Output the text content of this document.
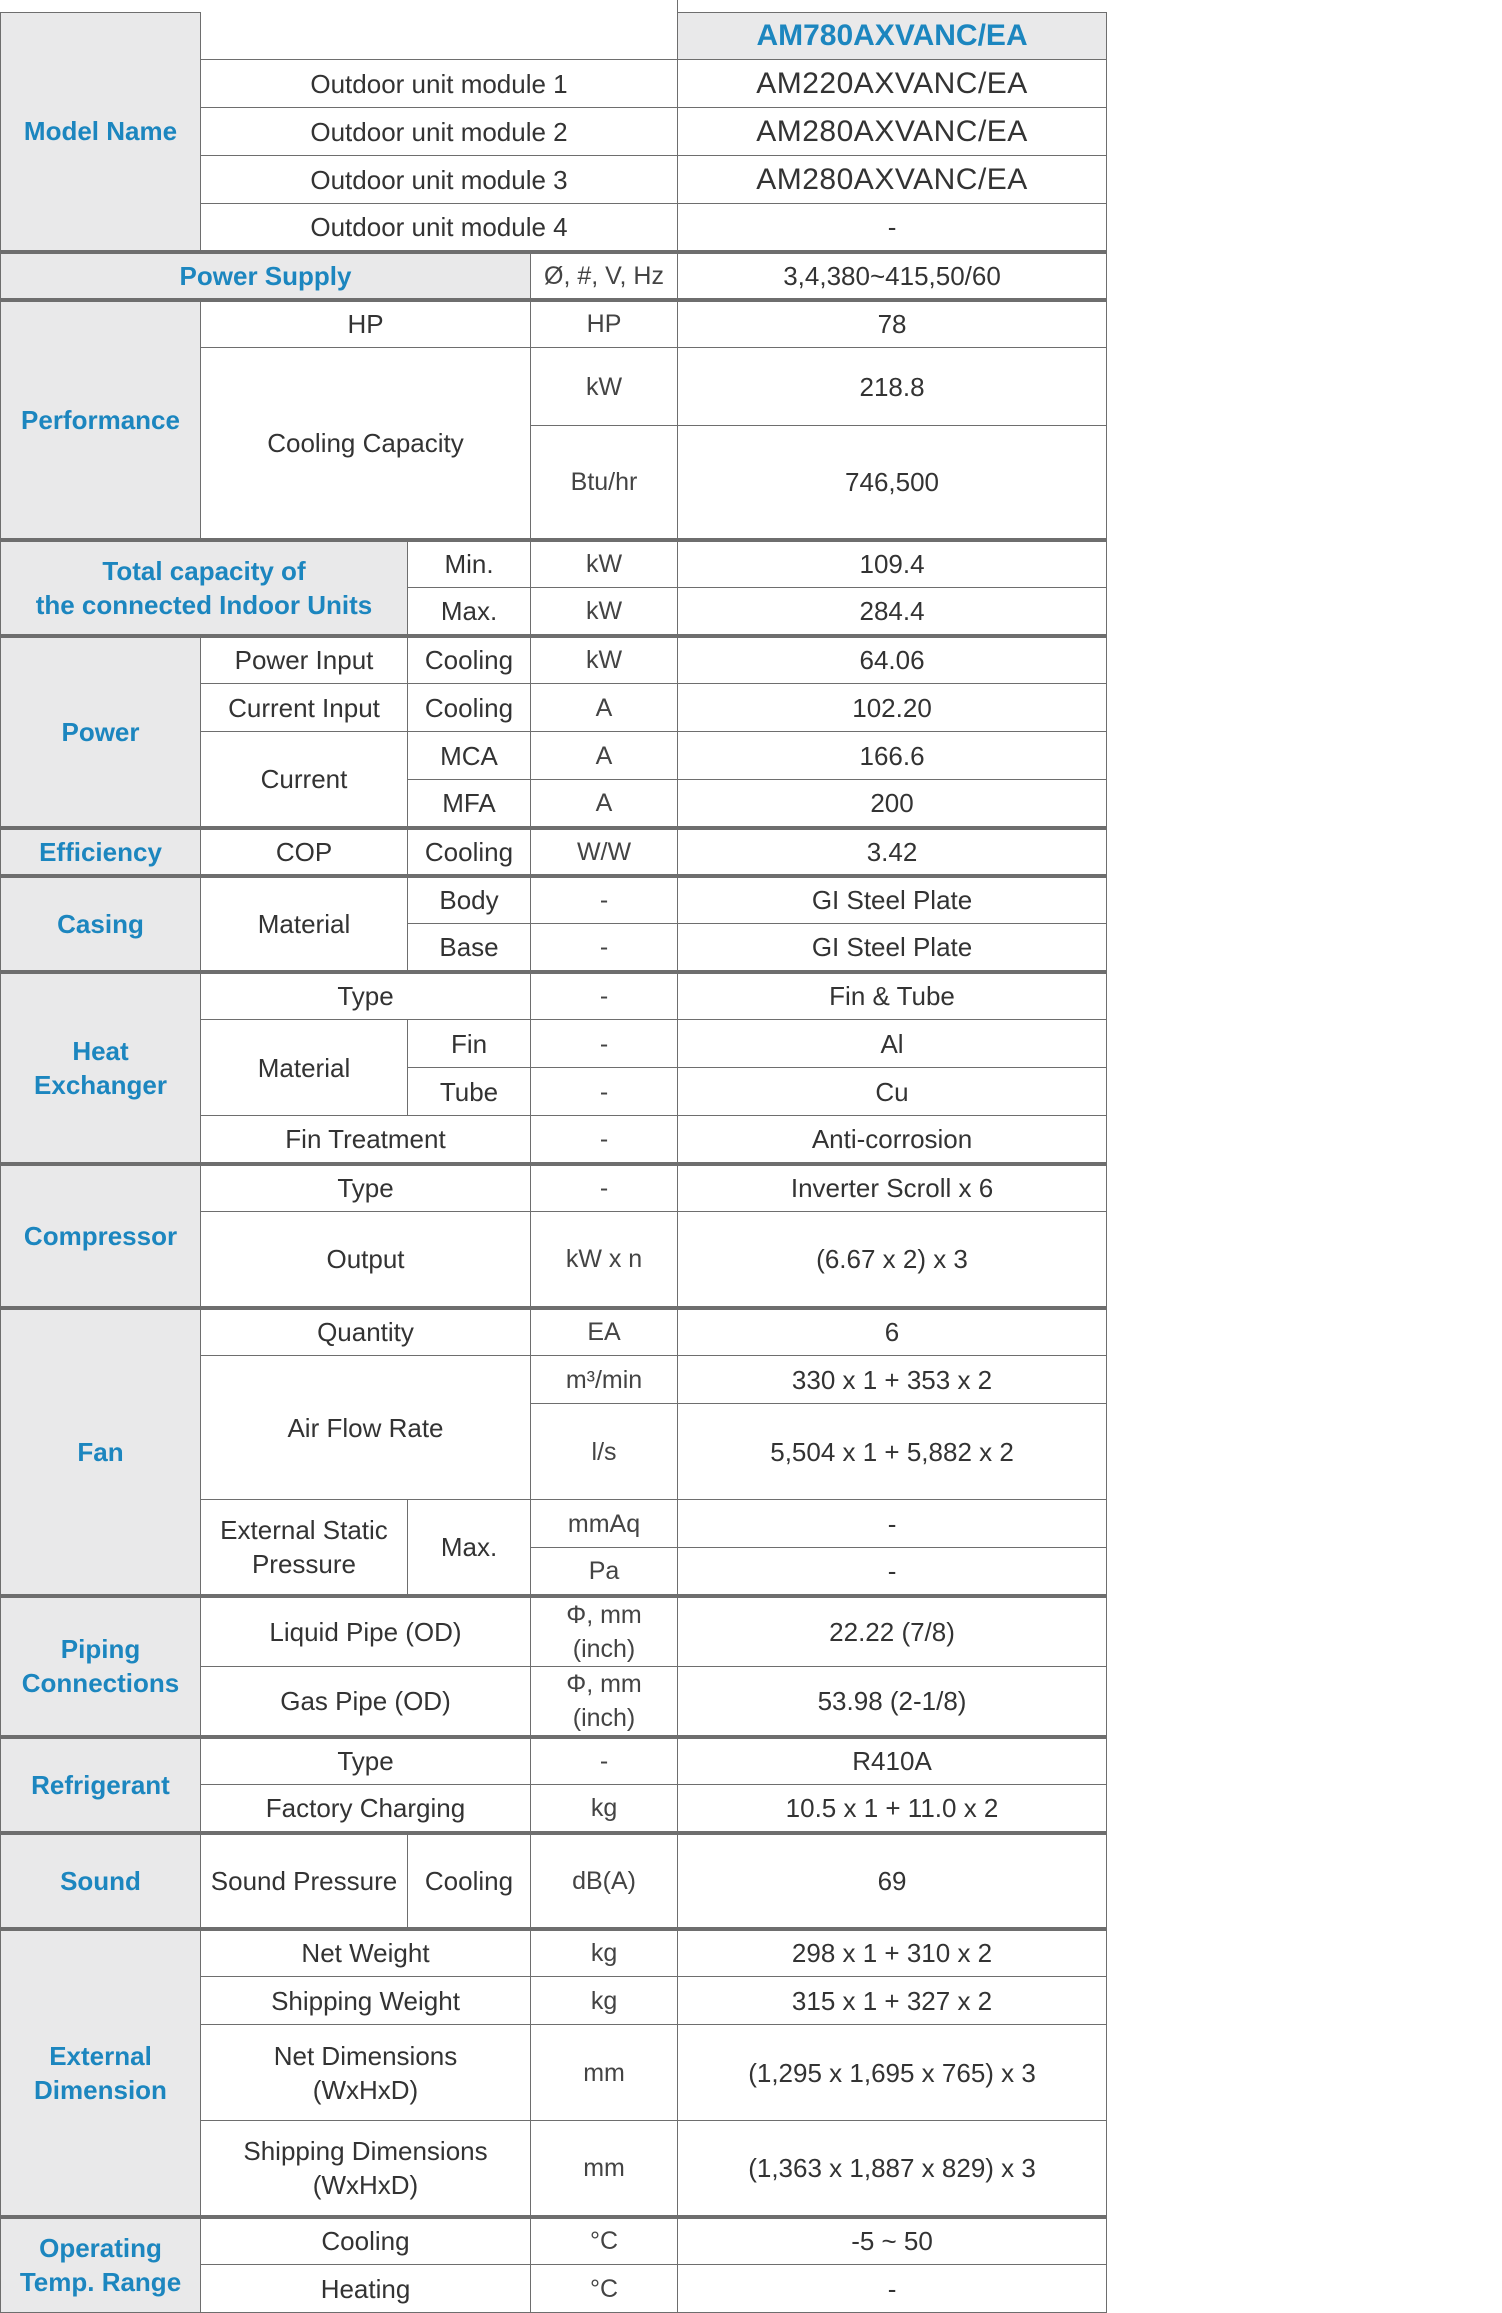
Model Name				AM780AXVANC/EA
	Outdoor unit module 1			AM220AXVANC/EA
	Outdoor unit module 2			AM280AXVANC/EA
	Outdoor unit module 3			AM280AXVANC/EA
	Outdoor unit module 4			-
Power Supply			Ø, #, V, Hz	3,4,380~415,50/60
Performance	HP		HP	78
	Cooling Capacity		kW	218.8
			Btu/hr	746,500
Total capacity of
the connected Indoor Units		Min.	kW	109.4
		Max.	kW	284.4
Power	Power Input	Cooling	kW	64.06
	Current Input	Cooling	A	102.20
	Current	MCA	A	166.6
		MFA	A	200
Efficiency	COP	Cooling	W/W	3.42
Casing	Material	Body	-	GI Steel Plate
		Base	-	GI Steel Plate
Heat
Exchanger	Type		-	Fin & Tube
	Material	Fin	-	Al
		Tube	-	Cu
	Fin Treatment		-	Anti-corrosion
Compressor	Type		-	Inverter Scroll x 6
	Output		kW x n	(6.67 x 2) x 3
Fan	Quantity		EA	6
	Air Flow Rate		m³/min	330 x 1 + 353 x 2
			l/s	5,504 x 1 + 5,882 x 2
	External Static
Pressure	Max.	mmAq	-
			Pa	-
Piping
Connections	Liquid Pipe (OD)		Φ, mm (inch)	22.22 (7/8)
	Gas Pipe (OD)		Φ, mm (inch)	53.98 (2-1/8)
Refrigerant	Type		-	R410A
	Factory Charging		kg	10.5 x 1 + 11.0 x 2
Sound	Sound Pressure	Cooling	dB(A)	69
External
Dimension	Net Weight		kg	298 x 1 + 310 x 2
	Shipping Weight		kg	315 x 1 + 327 x 2
	Net Dimensions
(WxHxD)		mm	(1,295 x 1,695 x 765) x 3
	Shipping Dimensions
(WxHxD)		mm	(1,363 x 1,887 x 829) x 3
Operating
Temp. Range	Cooling		°C	-5 ~ 50
	Heating		°C	-
